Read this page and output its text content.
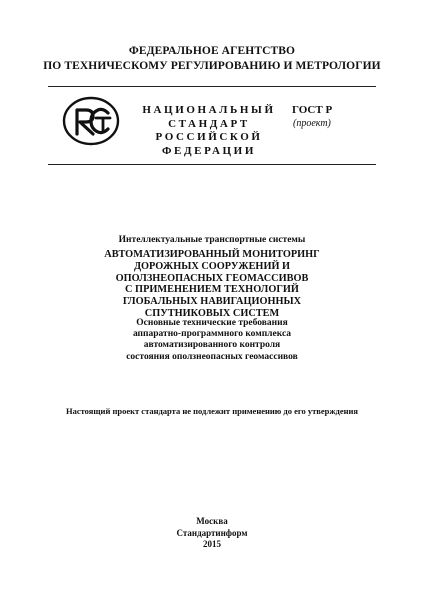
ФЕДЕРАЛЬНОЕ АГЕНТСТВО
ПО ТЕХНИЧЕСКОМУ РЕГУЛИРОВАНИЮ И МЕТРОЛОГИИ
НАЦИОНАЛЬНЫЙ
СТАНДАРТ
РОССИЙСКОЙ
ФЕДЕРАЦИИ
ГОСТ Р
(проект)
Интеллектуальные транспортные системы
АВТОМАТИЗИРОВАННЫЙ МОНИТОРИНГ
ДОРОЖНЫХ СООРУЖЕНИЙ И
ОПОЛЗНЕОПАСНЫХ ГЕОМАССИВОВ
С ПРИМЕНЕНИЕМ ТЕХНОЛОГИЙ
ГЛОБАЛЬНЫХ НАВИГАЦИОННЫХ
СПУТНИКОВЫХ СИСТЕМ
Основные технические требования
аппаратно-программного комплекса
автоматизированного контроля
состояния оползнеопасных геомассивов
Настоящий проект стандарта не подлежит применению до его утверждения
Москва
Стандартинформ
2015
